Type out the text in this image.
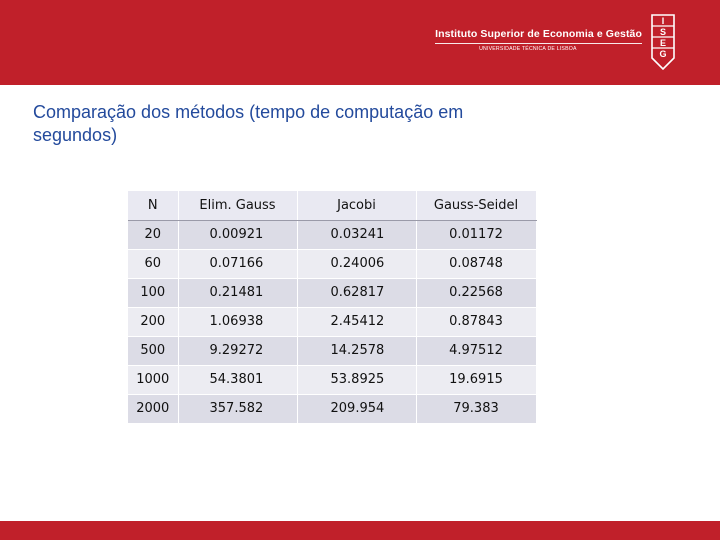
Instituto Superior de Economia e Gestão
UNIVERSIDADE TÉCNICA DE LISBOA
I
S
E
G
Comparação dos métodos (tempo de computação em segundos)
N	Elim. Gauss	Jacobi	Gauss-Seidel
20	0.00921	0.03241	0.01172
60	0.07166	0.24006	0.08748
100	0.21481	0.62817	0.22568
200	1.06938	2.45412	0.87843
500	9.29272	14.2578	4.97512
1000	54.3801	53.8925	19.6915
2000	357.582	209.954	79.383
